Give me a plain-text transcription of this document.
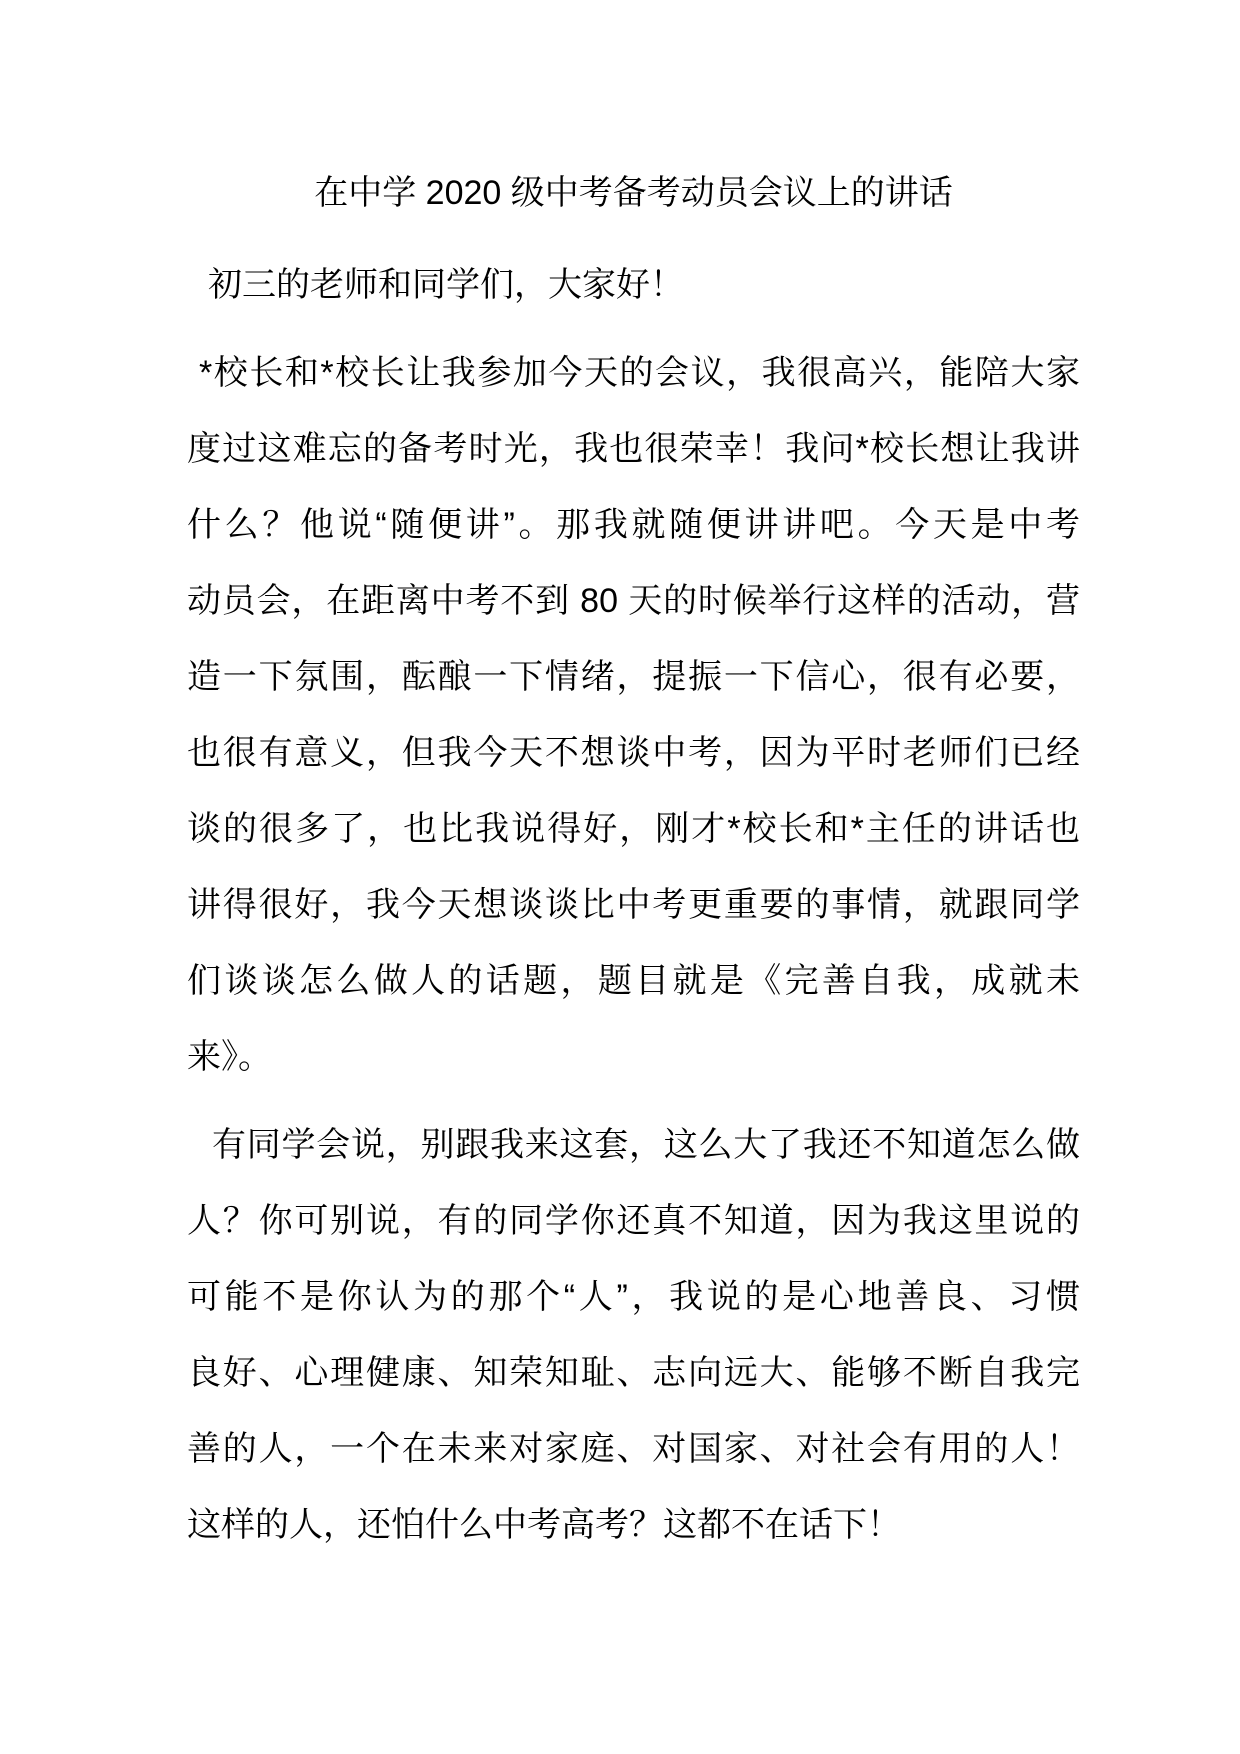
在中学 2020 级中考备考动员会议上的讲话
初三的老师和同学们，大家好！
*校长和*校长让我参加今天的会议，我很高兴，能陪大家
度过这难忘的备考时光，我也很荣幸！我问*校长想让我讲
什么？他说“随便讲”。那我就随便讲讲吧。今天是中考
动员会，在距离中考不到 80 天的时候举行这样的活动，营
造一下氛围，酝酿一下情绪，提振一下信心，很有必要，
也很有意义，但我今天不想谈中考，因为平时老师们已经
谈的很多了，也比我说得好，刚才*校长和*主任的讲话也
讲得很好，我今天想谈谈比中考更重要的事情，就跟同学
们谈谈怎么做人的话题，题目就是《完善自我，成就未
来》。
有同学会说，别跟我来这套，这么大了我还不知道怎么做
人？你可别说，有的同学你还真不知道，因为我这里说的
可能不是你认为的那个“人”，我说的是心地善良、习惯
良好、心理健康、知荣知耻、志向远大、能够不断自我完
善的人，一个在未来对家庭、对国家、对社会有用的人！
这样的人，还怕什么中考高考？这都不在话下！
